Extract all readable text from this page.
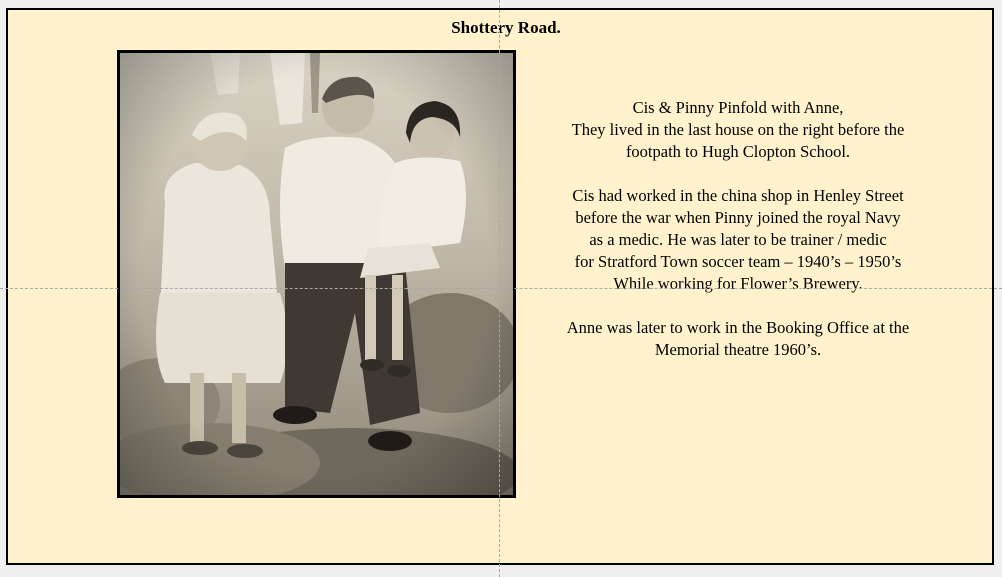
Shottery Road.

Cis & Pinny Pinfold with Anne,

They lived in the last house on the right before the

footpath to Hugh Clopton School.

Cis had worked in the china shop in Henley Street

before the war when Pinny joined the royal Navy

as a medic. He was later to be trainer / medic

for Stratford Town soccer team – 1940’s – 1950’s

While working for Flower’s Brewery.

Anne was later to work in the Booking Office at the

Memorial theatre 1960’s.
